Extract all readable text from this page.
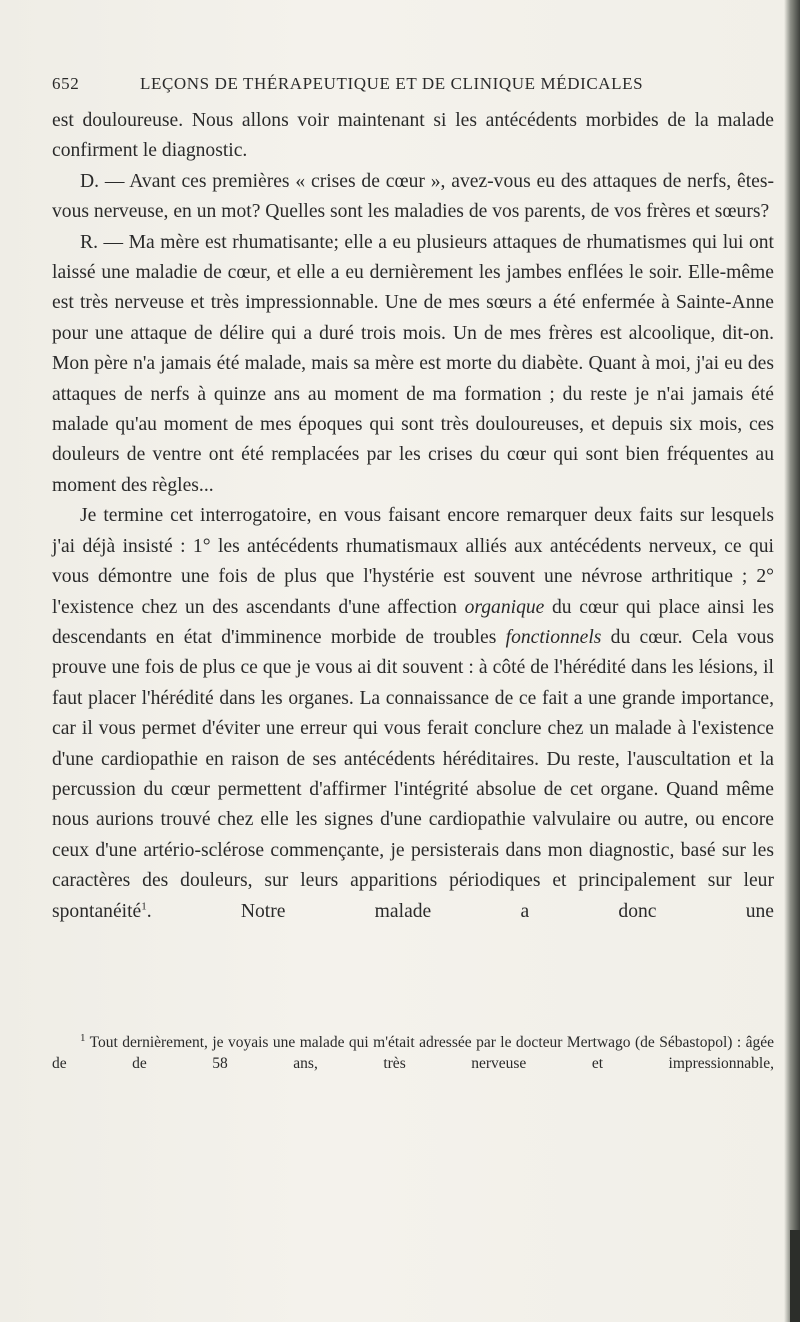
652	LEÇONS DE THÉRAPEUTIQUE ET DE CLINIQUE MÉDICALES

est douloureuse. Nous allons voir maintenant si les antécédents morbides de la malade confirment le diagnostic.

D. — Avant ces premières « crises de cœur », avez-vous eu des attaques de nerfs, êtes-vous nerveuse, en un mot? Quelles sont les maladies de vos parents, de vos frères et sœurs?

R. — Ma mère est rhumatisante; elle a eu plusieurs attaques de rhumatismes qui lui ont laissé une maladie de cœur, et elle a eu dernièrement les jambes enflées le soir. Elle-même est très nerveuse et très impressionnable. Une de mes sœurs a été enfermée à Sainte-Anne pour une attaque de délire qui a duré trois mois. Un de mes frères est alcoolique, dit-on. Mon père n'a jamais été malade, mais sa mère est morte du diabète. Quant à moi, j'ai eu des attaques de nerfs à quinze ans au moment de ma formation ; du reste je n'ai jamais été malade qu'au moment de mes époques qui sont très douloureuses, et depuis six mois, ces douleurs de ventre ont été remplacées par les crises du cœur qui sont bien fréquentes au moment des règles...

Je termine cet interrogatoire, en vous faisant encore remarquer deux faits sur lesquels j'ai déjà insisté : 1° les antécédents rhumatismaux alliés aux antécédents nerveux, ce qui vous démontre une fois de plus que l'hystérie est souvent une névrose arthritique ; 2° l'existence chez un des ascendants d'une affection organique du cœur qui place ainsi les descendants en état d'imminence morbide de troubles fonctionnels du cœur. Cela vous prouve une fois de plus ce que je vous ai dit souvent : à côté de l'hérédité dans les lésions, il faut placer l'hérédité dans les organes. La connaissance de ce fait a une grande importance, car il vous permet d'éviter une erreur qui vous ferait conclure chez un malade à l'existence d'une cardiopathie en raison de ses antécédents héréditaires. Du reste, l'auscultation et la percussion du cœur permettent d'affirmer l'intégrité absolue de cet organe. Quand même nous aurions trouvé chez elle les signes d'une cardiopathie valvulaire ou autre, ou encore ceux d'une artério-sclérose commençante, je persisterais dans mon diagnostic, basé sur les caractères des douleurs, sur leurs apparitions périodiques et principalement sur leur spontanéité$^1$. Notre malade a donc une

$^1$ Tout dernièrement, je voyais une malade qui m'était adressée par le docteur Mertwago (de Sébastopol) : âgée de de 58 ans, très nerveuse et impressionnable,
